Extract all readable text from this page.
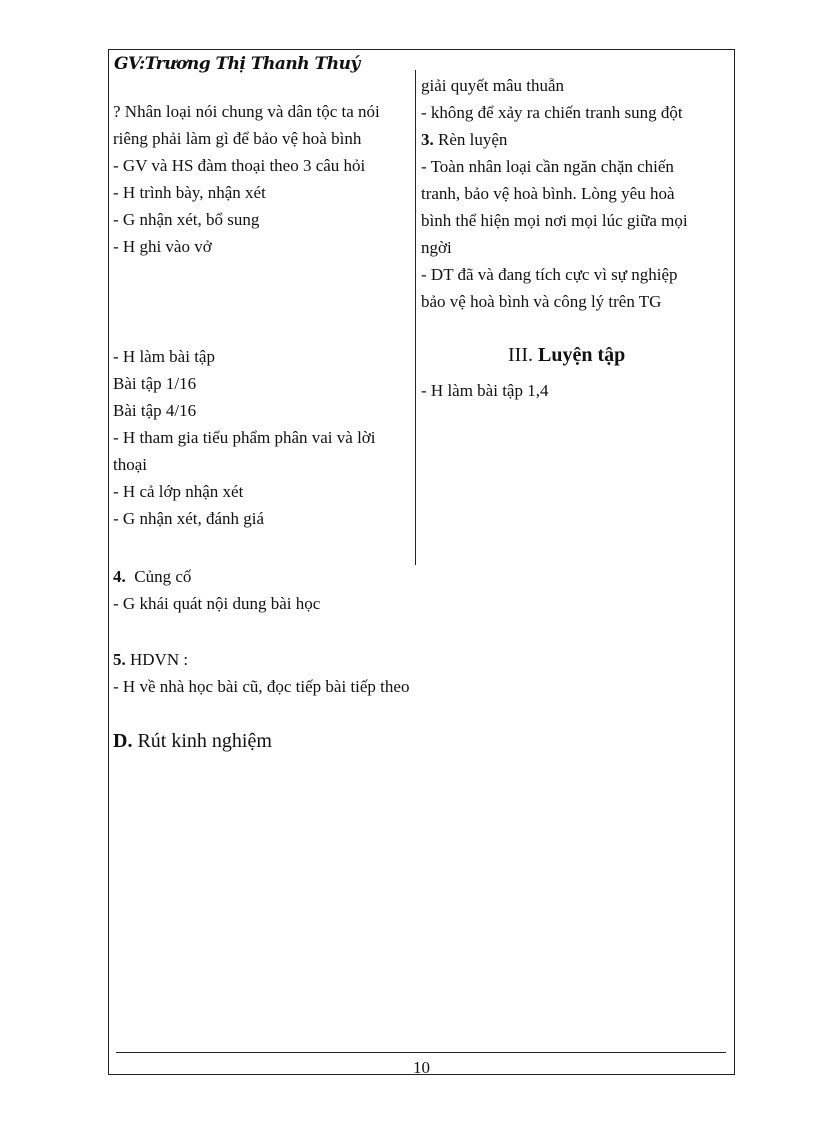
GV:Trương Thị Thanh Thuý
? Nhân loại nói chung và dân tộc ta nói
riêng phải làm gì để bảo vệ hoà bình
- GV và HS đàm thoại theo 3 câu hỏi
- H trình bày, nhận xét
- G nhận xét, bổ sung
- H ghi vào vở
- H làm bài tập
Bài tập 1/16
Bài tập 4/16
- H tham gia tiểu phẩm phân vai và lời
thoại
- H cả lớp nhận xét
- G nhận xét, đánh giá
giải quyết mâu thuẫn
- không để xảy ra chiến tranh sung đột
3. Rèn luyện
- Toàn nhân loại cần ngăn chặn chiến
tranh, bảo vệ hoà bình. Lòng yêu hoà
bình thể hiện mọi nơi mọi lúc giữa mọi
ngời
- DT đã và đang tích cực vì sự nghiệp
bảo vệ hoà bình và công lý trên TG
III. Luyện tập
- H làm bài tập 1,4
4. Củng cố
- G khái quát nội dung bài học
5. HDVN :
- H về nhà học bài cũ, đọc tiếp bài tiếp theo
D. Rút kinh nghiệm
10
